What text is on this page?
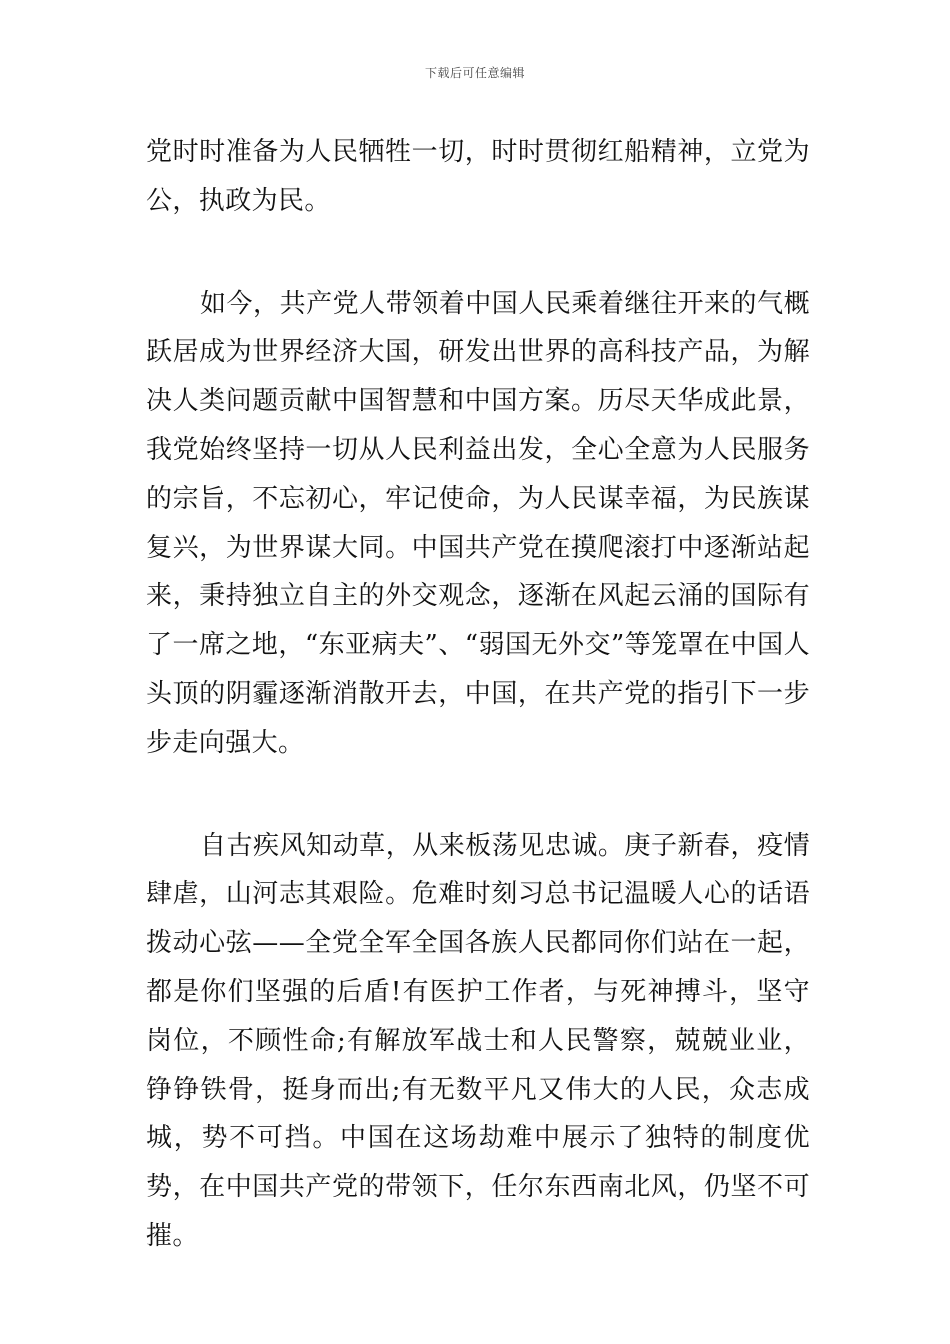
下载后可任意编辑

党时时准备为人民牺牲一切，时时贯彻红船精神，立党为公，执政为民。

如今，共产党人带领着中国人民乘着继往开来的气概跃居成为世界经济大国，研发出世界的高科技产品，为解决人类问题贡献中国智慧和中国方案。历尽天华成此景，我党始终坚持一切从人民利益出发，全心全意为人民服务的宗旨，不忘初心，牢记使命，为人民谋幸福，为民族谋复兴，为世界谋大同。中国共产党在摸爬滚打中逐渐站起来，秉持独立自主的外交观念，逐渐在风起云涌的国际有了一席之地，“东亚病夫”、“弱国无外交”等笼罩在中国人头顶的阴霾逐渐消散开去，中国，在共产党的指引下一步步走向强大。

自古疾风知动草，从来板荡见忠诚。庚子新春，疫情肆虐，山河志其艰险。危难时刻习总书记温暖人心的话语拨动心弦——全党全军全国各族人民都同你们站在一起，都是你们坚强的后盾!有医护工作者，与死神搏斗，坚守岗位，不顾性命;有解放军战士和人民警察，兢兢业业，铮铮铁骨，挺身而出;有无数平凡又伟大的人民，众志成城，势不可挡。中国在这场劫难中展示了独特的制度优势，在中国共产党的带领下，任尔东西南北风，仍坚不可摧。
